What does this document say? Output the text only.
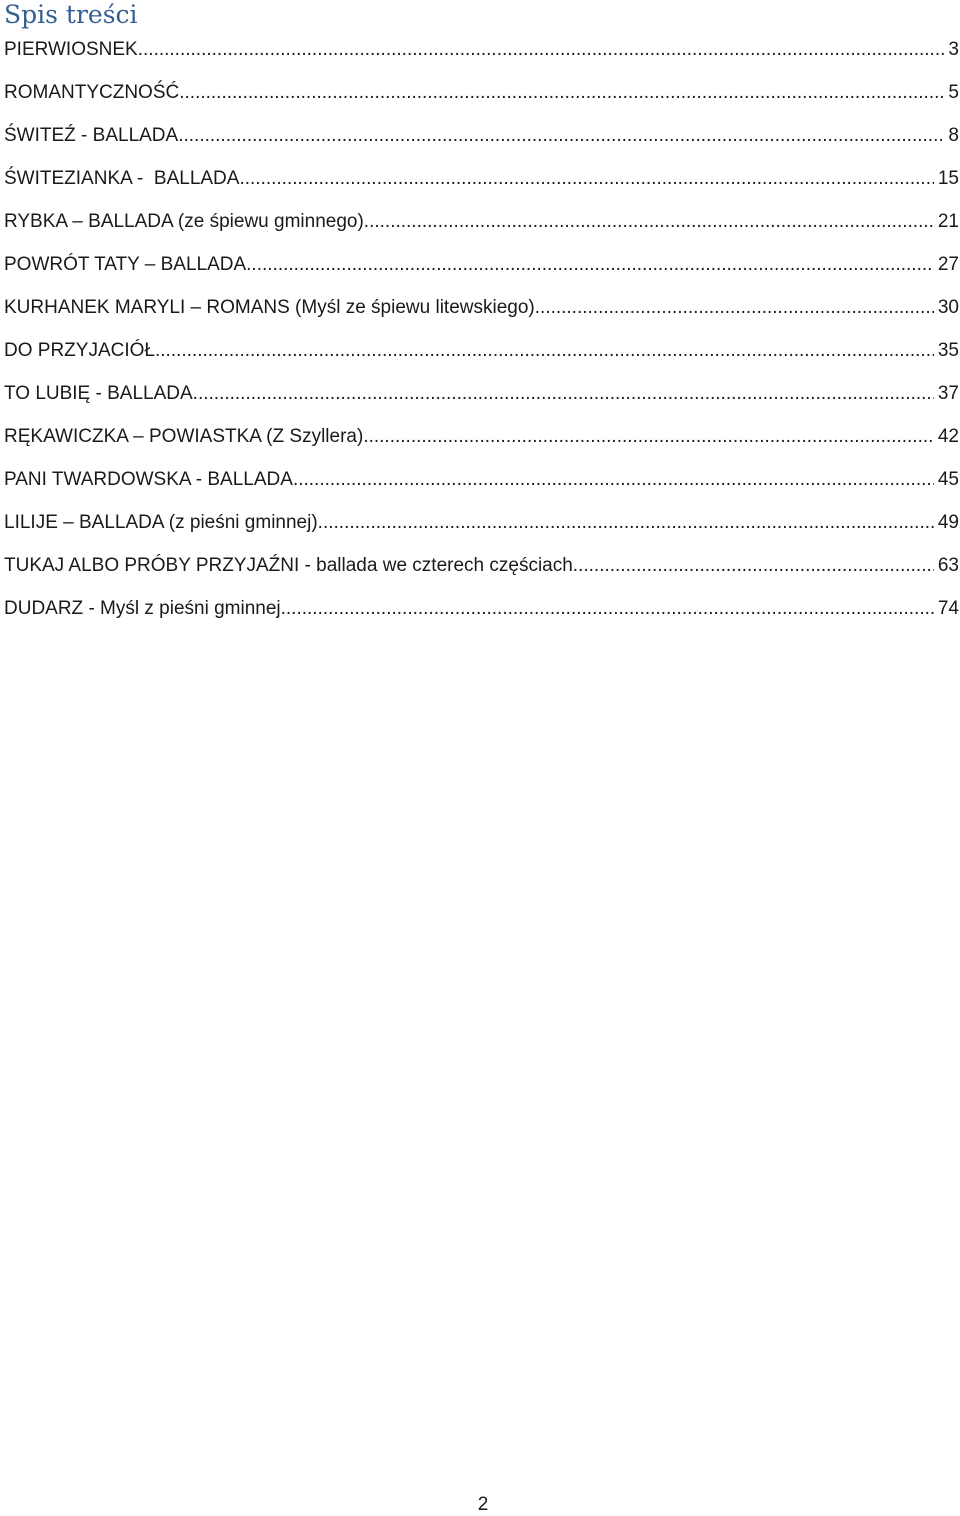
Spis treści
PIERWIOSNEK .....	3
ROMANTYCZNOŚĆ .....	5
ŚWITEŹ - BALLADA .....	8
ŚWITEZIANKA -  BALLADA .....	15
RYBKA – BALLADA (ze śpiewu gminnego) .....	21
POWRÓT TATY – BALLADA .....	27
KURHANEK MARYLI – ROMANS (Myśl ze śpiewu litewskiego) .....	30
DO PRZYJACIÓŁ .....	35
TO LUBIĘ - BALLADA .....	37
RĘKAWICZKA – POWIASTKA (Z Szyllera) .....	42
PANI TWARDOWSKA - BALLADA .....	45
LILIJE – BALLADA (z pieśni gminnej) .....	49
TUKAJ ALBO PRÓBY PRZYJAŹNI - ballada we czterech częściach .....	63
DUDARZ - Myśl z pieśni gminnej .....	74
2
